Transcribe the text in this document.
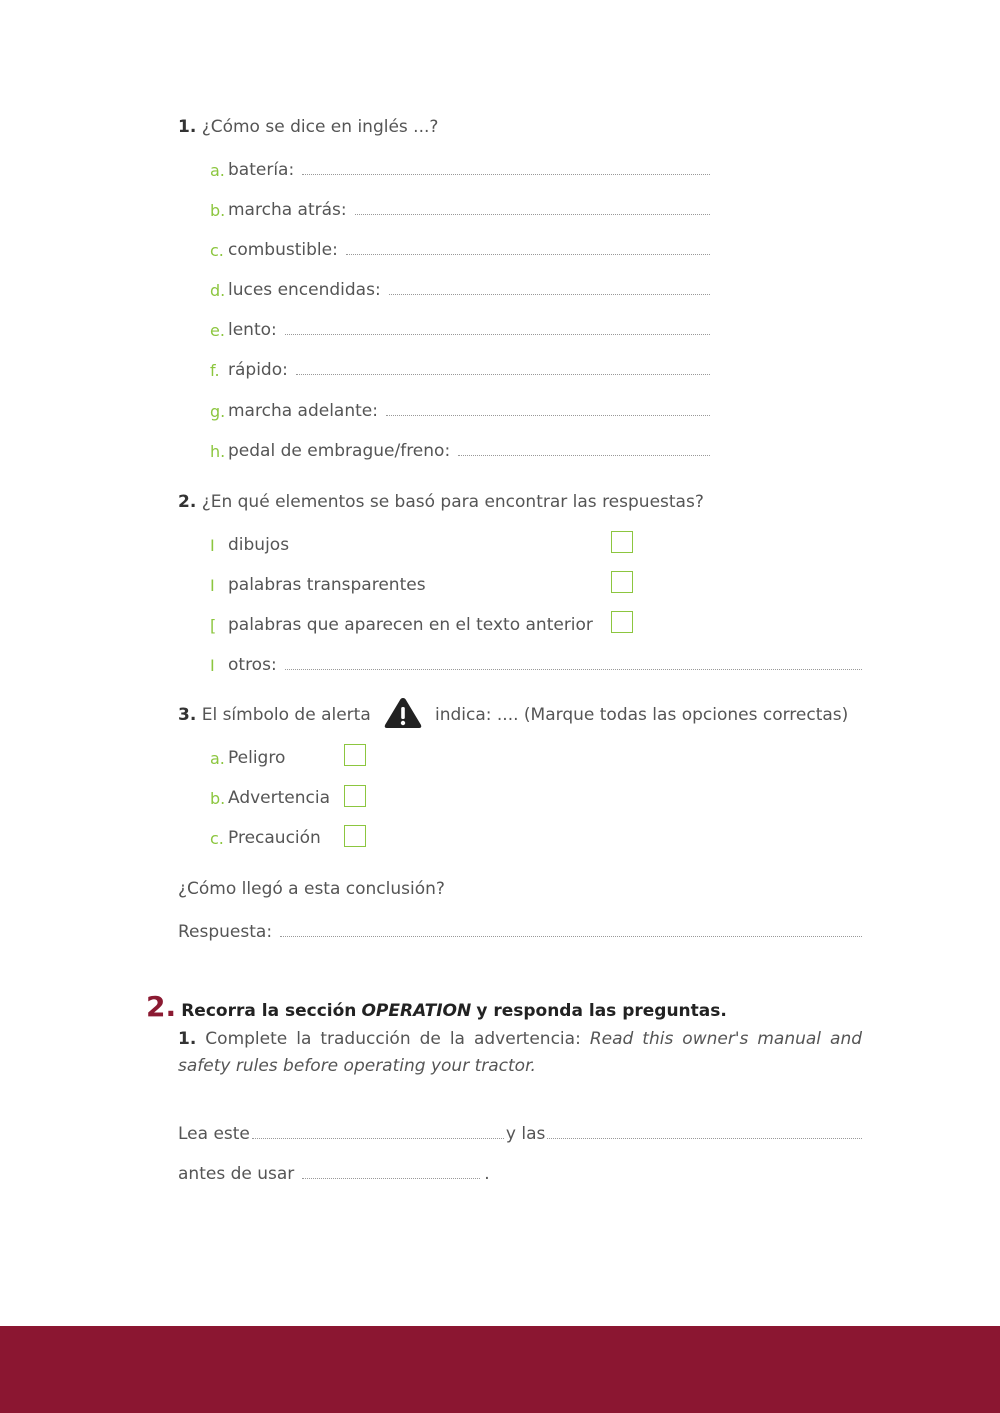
1. ¿Cómo se dice en inglés ...?
a. batería:
b. marcha atrás:
c. combustible:
d. luces encendidas:
e. lento:
f. rápido:
g. marcha adelante:
h. pedal de embrague/freno:
2. ¿En qué elementos se basó para encontrar las respuestas?
I dibujos
I palabras transparentes
[ palabras que aparecen en el texto anterior
I otros:
3. El símbolo de alerta	indica: .... (Marque todas las opciones correctas)
a. Peligro
b. Advertencia
c. Precaución
¿Cómo llegó a esta conclusión?
Respuesta:
2. Recorra la sección OPERATION y responda las preguntas.
1. Complete la traducción de la advertencia: Read this owner's manual and safety rules before operating your tractor.
Lea este	y las
antes de usar	.
